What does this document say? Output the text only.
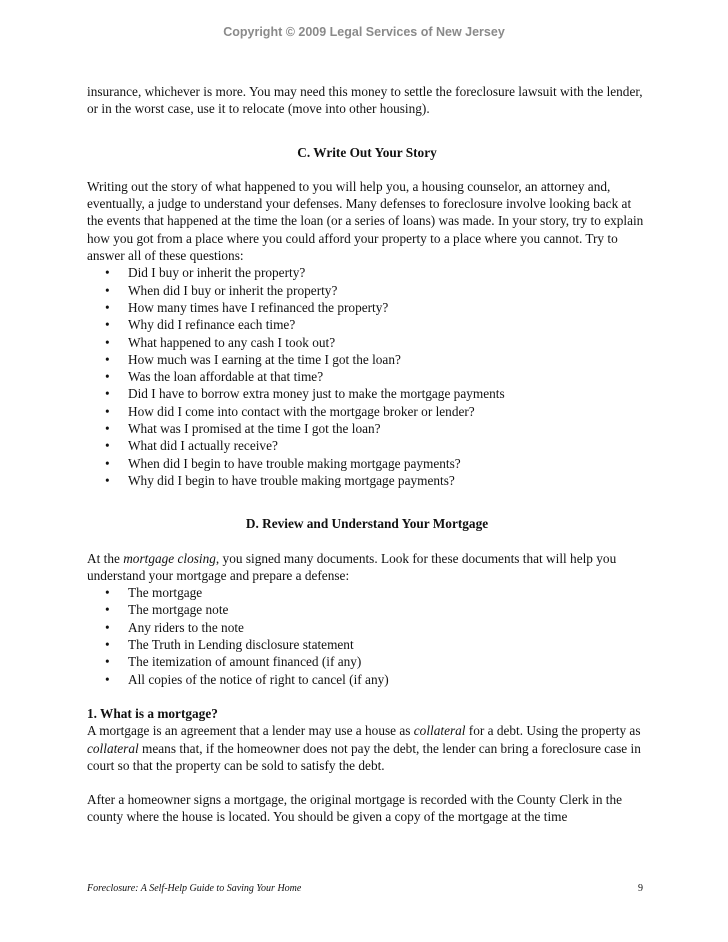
Copyright © 2009 Legal Services of New Jersey

insurance, whichever is more. You may need this money to settle the foreclosure lawsuit with the lender, or in the worst case, use it to relocate (move into other housing).

C. Write Out Your Story

Writing out the story of what happened to you will help you, a housing counselor, an attorney and, eventually, a judge to understand your defenses. Many defenses to foreclosure involve looking back at the events that happened at the time the loan (or a series of loans) was made. In your story, try to explain how you got from a place where you could afford your property to a place where you cannot. Try to answer all of these questions:

• Did I buy or inherit the property?
• When did I buy or inherit the property?
• How many times have I refinanced the property?
• Why did I refinance each time?
• What happened to any cash I took out?
• How much was I earning at the time I got the loan?
• Was the loan affordable at that time?
• Did I have to borrow extra money just to make the mortgage payments
• How did I come into contact with the mortgage broker or lender?
• What was I promised at the time I got the loan?
• What did I actually receive?
• When did I begin to have trouble making mortgage payments?
• Why did I begin to have trouble making mortgage payments?

D. Review and Understand Your Mortgage

At the mortgage closing, you signed many documents. Look for these documents that will help you understand your mortgage and prepare a defense:

• The mortgage
• The mortgage note
• Any riders to the note
• The Truth in Lending disclosure statement
• The itemization of amount financed (if any)
• All copies of the notice of right to cancel (if any)

1. What is a mortgage?

A mortgage is an agreement that a lender may use a house as collateral for a debt. Using the property as collateral means that, if the homeowner does not pay the debt, the lender can bring a foreclosure case in court so that the property can be sold to satisfy the debt.

After a homeowner signs a mortgage, the original mortgage is recorded with the County Clerk in the county where the house is located. You should be given a copy of the mortgage at the time

Foreclosure: A Self-Help Guide to Saving Your Home	9
